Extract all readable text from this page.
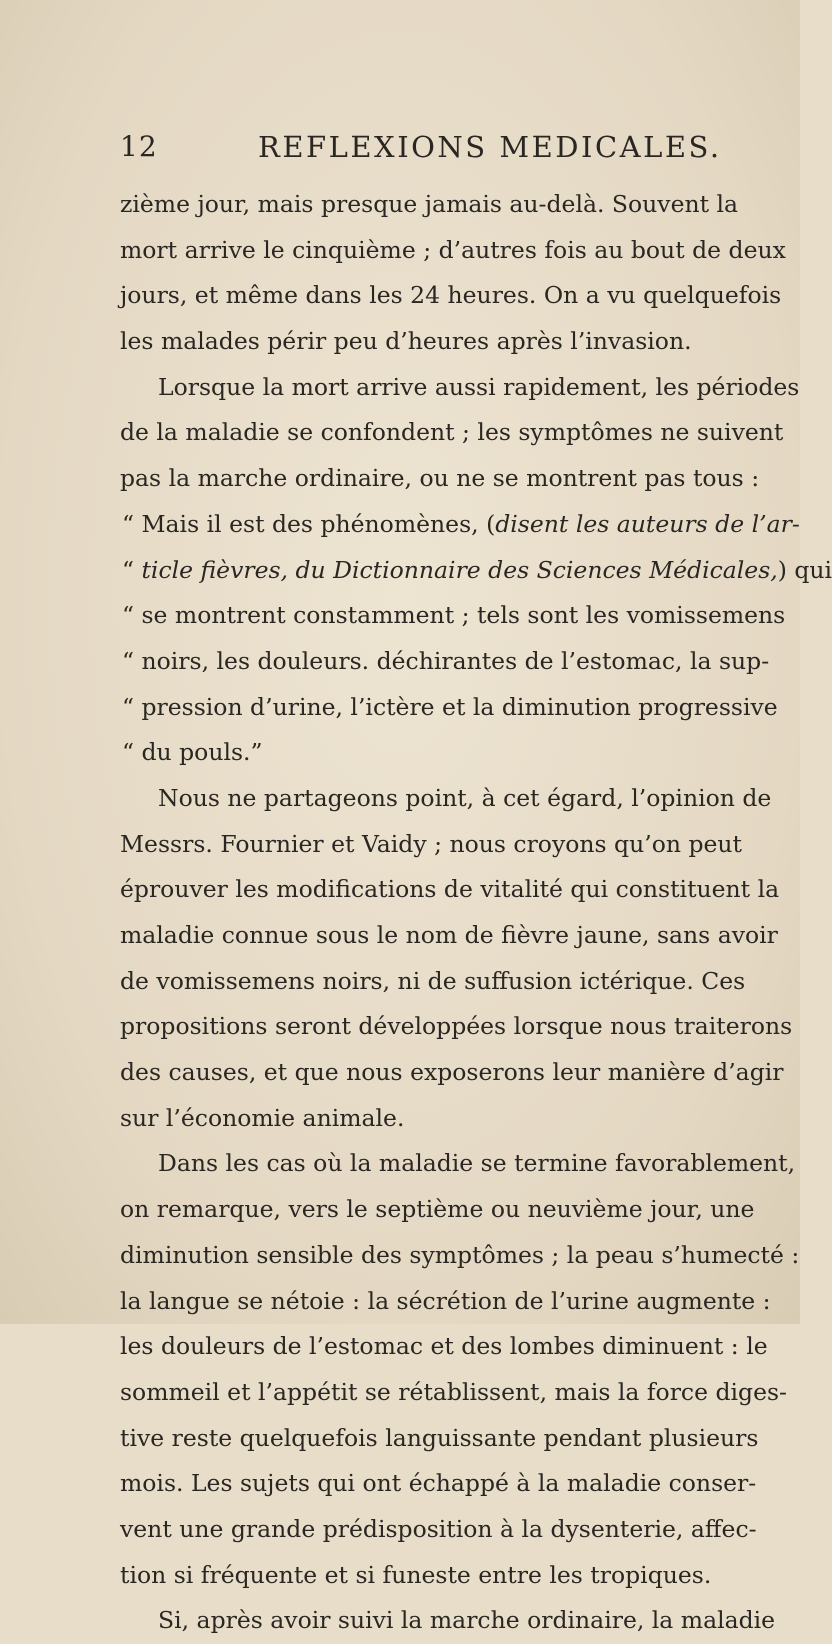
12	REFLEXIONS MEDICALES.
zième jour, mais presque jamais au-delà. Souvent la
mort arrive le cinquième ; d’autres fois au bout de deux
jours, et même dans les 24 heures. On a vu quelquefois
les malades périr peu d’heures après l’invasion.
Lorsque la mort arrive aussi rapidement, les périodes
de la maladie se confondent ; les symptômes ne suivent
pas la marche ordinaire, ou ne se montrent pas tous :
“ Mais il est des phénomènes, (disent les auteurs de l’ar-
“ ticle fièvres, du Dictionnaire des Sciences Médicales,) qui
“ se montrent constamment ; tels sont les vomissemens
“ noirs, les douleurs. déchirantes de l’estomac, la sup-
“ pression d’urine, l’ictère et la diminution progressive
“ du pouls.”
Nous ne partageons point, à cet égard, l’opinion de
Messrs. Fournier et Vaidy ; nous croyons qu’on peut
éprouver les modifications de vitalité qui constituent la
maladie connue sous le nom de fièvre jaune, sans avoir
de vomissemens noirs, ni de suffusion ictérique. Ces
propositions seront développées lorsque nous traiterons
des causes, et que nous exposerons leur manière d’agir
sur l’économie animale.
Dans les cas où la maladie se termine favorablement,
on remarque, vers le septième ou neuvième jour, une
diminution sensible des symptômes ; la peau s’humecté :
la langue se nétoie : la sécrétion de l’urine augmente :
les douleurs de l’estomac et des lombes diminuent : le
sommeil et l’appétit se rétablissent, mais la force diges-
tive reste quelquefois languissante pendant plusieurs
mois. Les sujets qui ont échappé à la maladie conser-
vent une grande prédisposition à la dysenterie, affec-
tion si fréquente et si funeste entre les tropiques.
Si, après avoir suivi la marche ordinaire, la maladie
